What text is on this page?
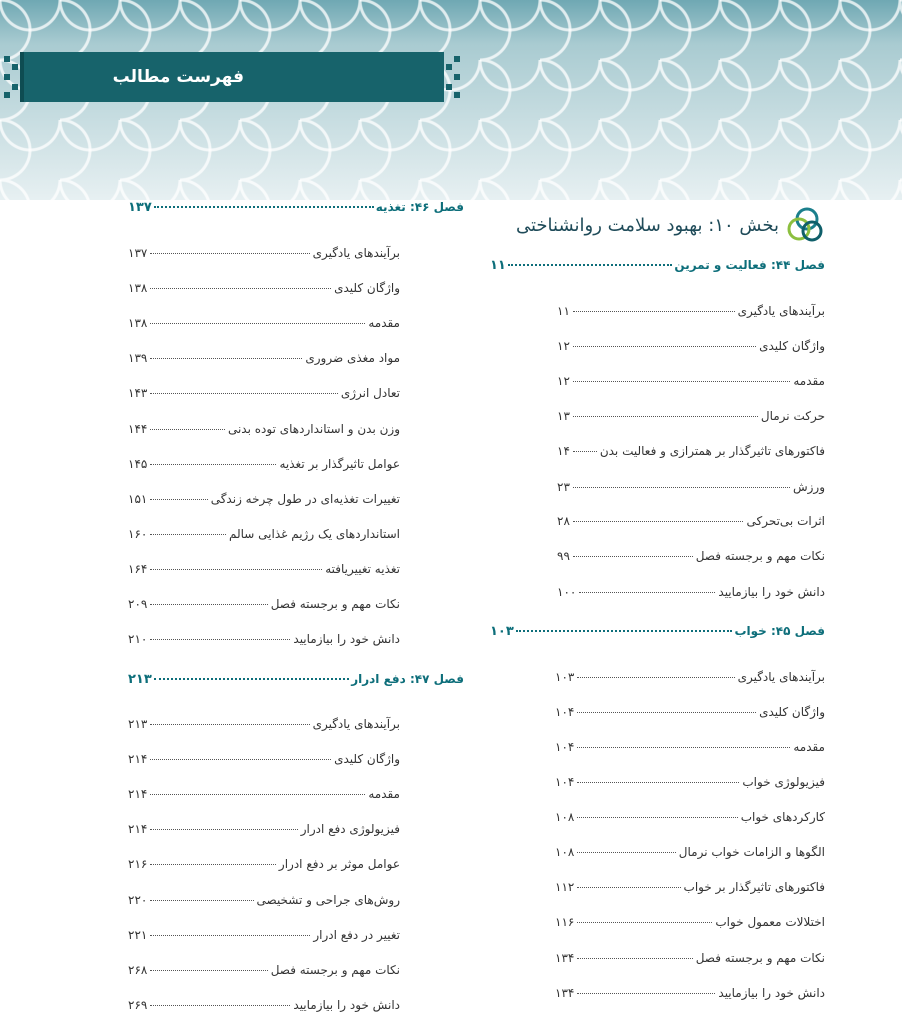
فهرست مطالب
بخش ۱۰: بهبود سلامت روانشناختی
فصل ۴۴: فعالیت و تمرین
۱۱
برآیندهای یادگیری
۱۱
واژگان کلیدی
۱۲
مقدمه
۱۲
حرکت نرمال
۱۳
فاکتورهای تاثیرگذار بر همترازی و فعالیت بدن
۱۴
ورزش
۲۳
اثرات بی‌تحرکی
۲۸
نکات مهم و برجسته فصل
۹۹
دانش خود را بیازمایید
۱۰۰
فصل ۴۵: خواب
۱۰۳
برآیندهای یادگیری
۱۰۳
واژگان کلیدی
۱۰۴
مقدمه
۱۰۴
فیزیولوژی خواب
۱۰۴
کارکردهای خواب
۱۰۸
الگوها و الزامات خواب نرمال
۱۰۸
فاکتورهای تاثیرگذار بر خواب
۱۱۲
اختلالات معمول خواب
۱۱۶
نکات مهم و برجسته فصل
۱۳۴
دانش خود را بیازمایید
۱۳۴
فصل ۴۶: تغذیه
۱۳۷
برآیندهای یادگیری
۱۳۷
واژگان کلیدی
۱۳۸
مقدمه
۱۳۸
مواد مغذی ضروری
۱۳۹
تعادل انرژی
۱۴۳
وزن بدن و استانداردهای توده بدنی
۱۴۴
عوامل تاثیرگذار بر تغذیه
۱۴۵
تغییرات تغذیه‌ای در طول چرخه زندگی
۱۵۱
استانداردهای یک رژیم غذایی سالم
۱۶۰
تغذیه تغییریافته
۱۶۴
نکات مهم و برجسته فصل
۲۰۹
دانش خود را بیازمایید
۲۱۰
فصل ۴۷: دفع ادرار
۲۱۳
برآیندهای یادگیری
۲۱۳
واژگان کلیدی
۲۱۴
مقدمه
۲۱۴
فیزیولوژی دفع ادرار
۲۱۴
عوامل موثر بر دفع ادرار
۲۱۶
روش‌های جراحی و تشخیصی
۲۲۰
تغییر در دفع ادرار
۲۲۱
نکات مهم و برجسته فصل
۲۶۸
دانش خود را بیازمایید
۲۶۹
